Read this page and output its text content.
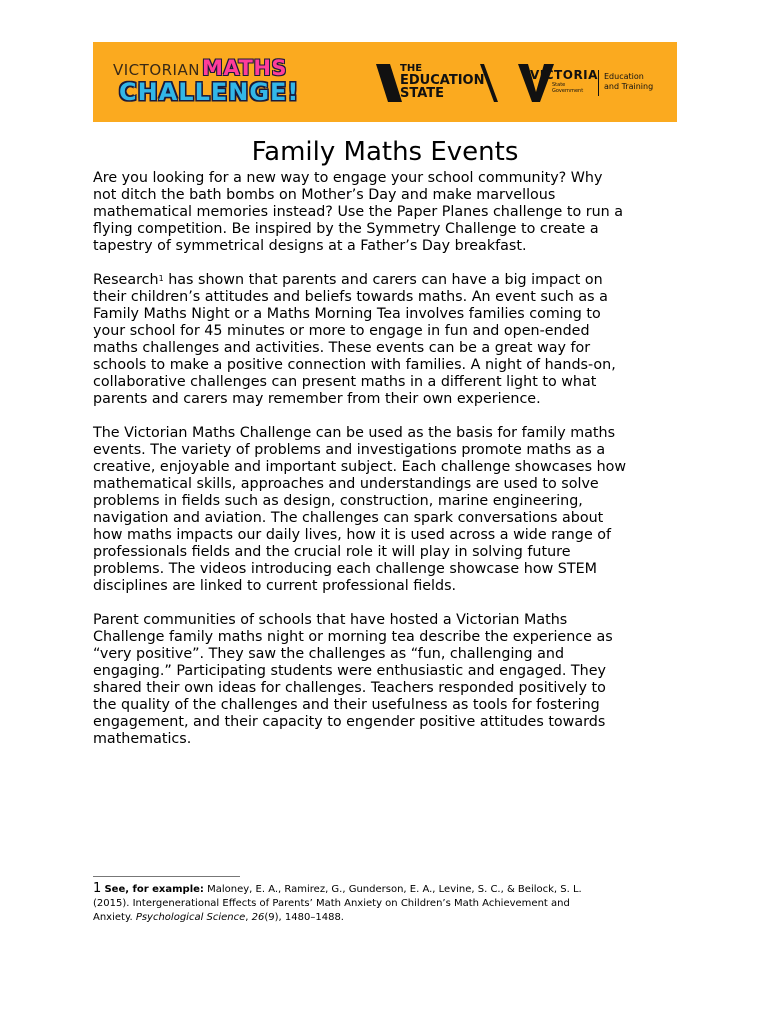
VICTORIANMATHS
CHALLENGE!
THE
EDUCATION
STATE
VICTORIA
State
Government
Education
and Training
Family Maths Events
Are you looking for a new way to engage your school community? Why
not ditch the bath bombs on Mother’s Day and make marvellous
mathematical memories instead? Use the Paper Planes challenge to run a
flying competition. Be inspired by the Symmetry Challenge to create a
tapestry of symmetrical designs at a Father’s Day breakfast.
Research$^1$ has shown that parents and carers can have a big impact on
their children’s attitudes and beliefs towards maths. An event such as a
Family Maths Night or a Maths Morning Tea involves families coming to
your school for 45 minutes or more to engage in fun and open-ended
maths challenges and activities. These events can be a great way for
schools to make a positive connection with families. A night of hands-on,
collaborative challenges can present maths in a different light to what
parents and carers may remember from their own experience.
The Victorian Maths Challenge can be used as the basis for family maths
events. The variety of problems and investigations promote maths as a
creative, enjoyable and important subject. Each challenge showcases how
mathematical skills, approaches and understandings are used to solve
problems in fields such as design, construction, marine engineering,
navigation and aviation. The challenges can spark conversations about
how maths impacts our daily lives, how it is used across a wide range of
professionals fields and the crucial role it will play in solving future
problems. The videos introducing each challenge showcase how STEM
disciplines are linked to current professional fields.
Parent communities of schools that have hosted a Victorian Maths
Challenge family maths night or morning tea describe the experience as
“very positive”. They saw the challenges as “fun, challenging and
engaging.” Participating students were enthusiastic and engaged. They
shared their own ideas for challenges. Teachers responded positively to
the quality of the challenges and their usefulness as tools for fostering
engagement, and their capacity to engender positive attitudes towards
mathematics.
1 See, for example: Maloney, E. A., Ramirez, G., Gunderson, E. A., Levine, S. C., & Beilock, S. L.
(2015). Intergenerational Effects of Parents’ Math Anxiety on Children’s Math Achievement and
Anxiety. Psychological Science, 26(9), 1480–1488.
